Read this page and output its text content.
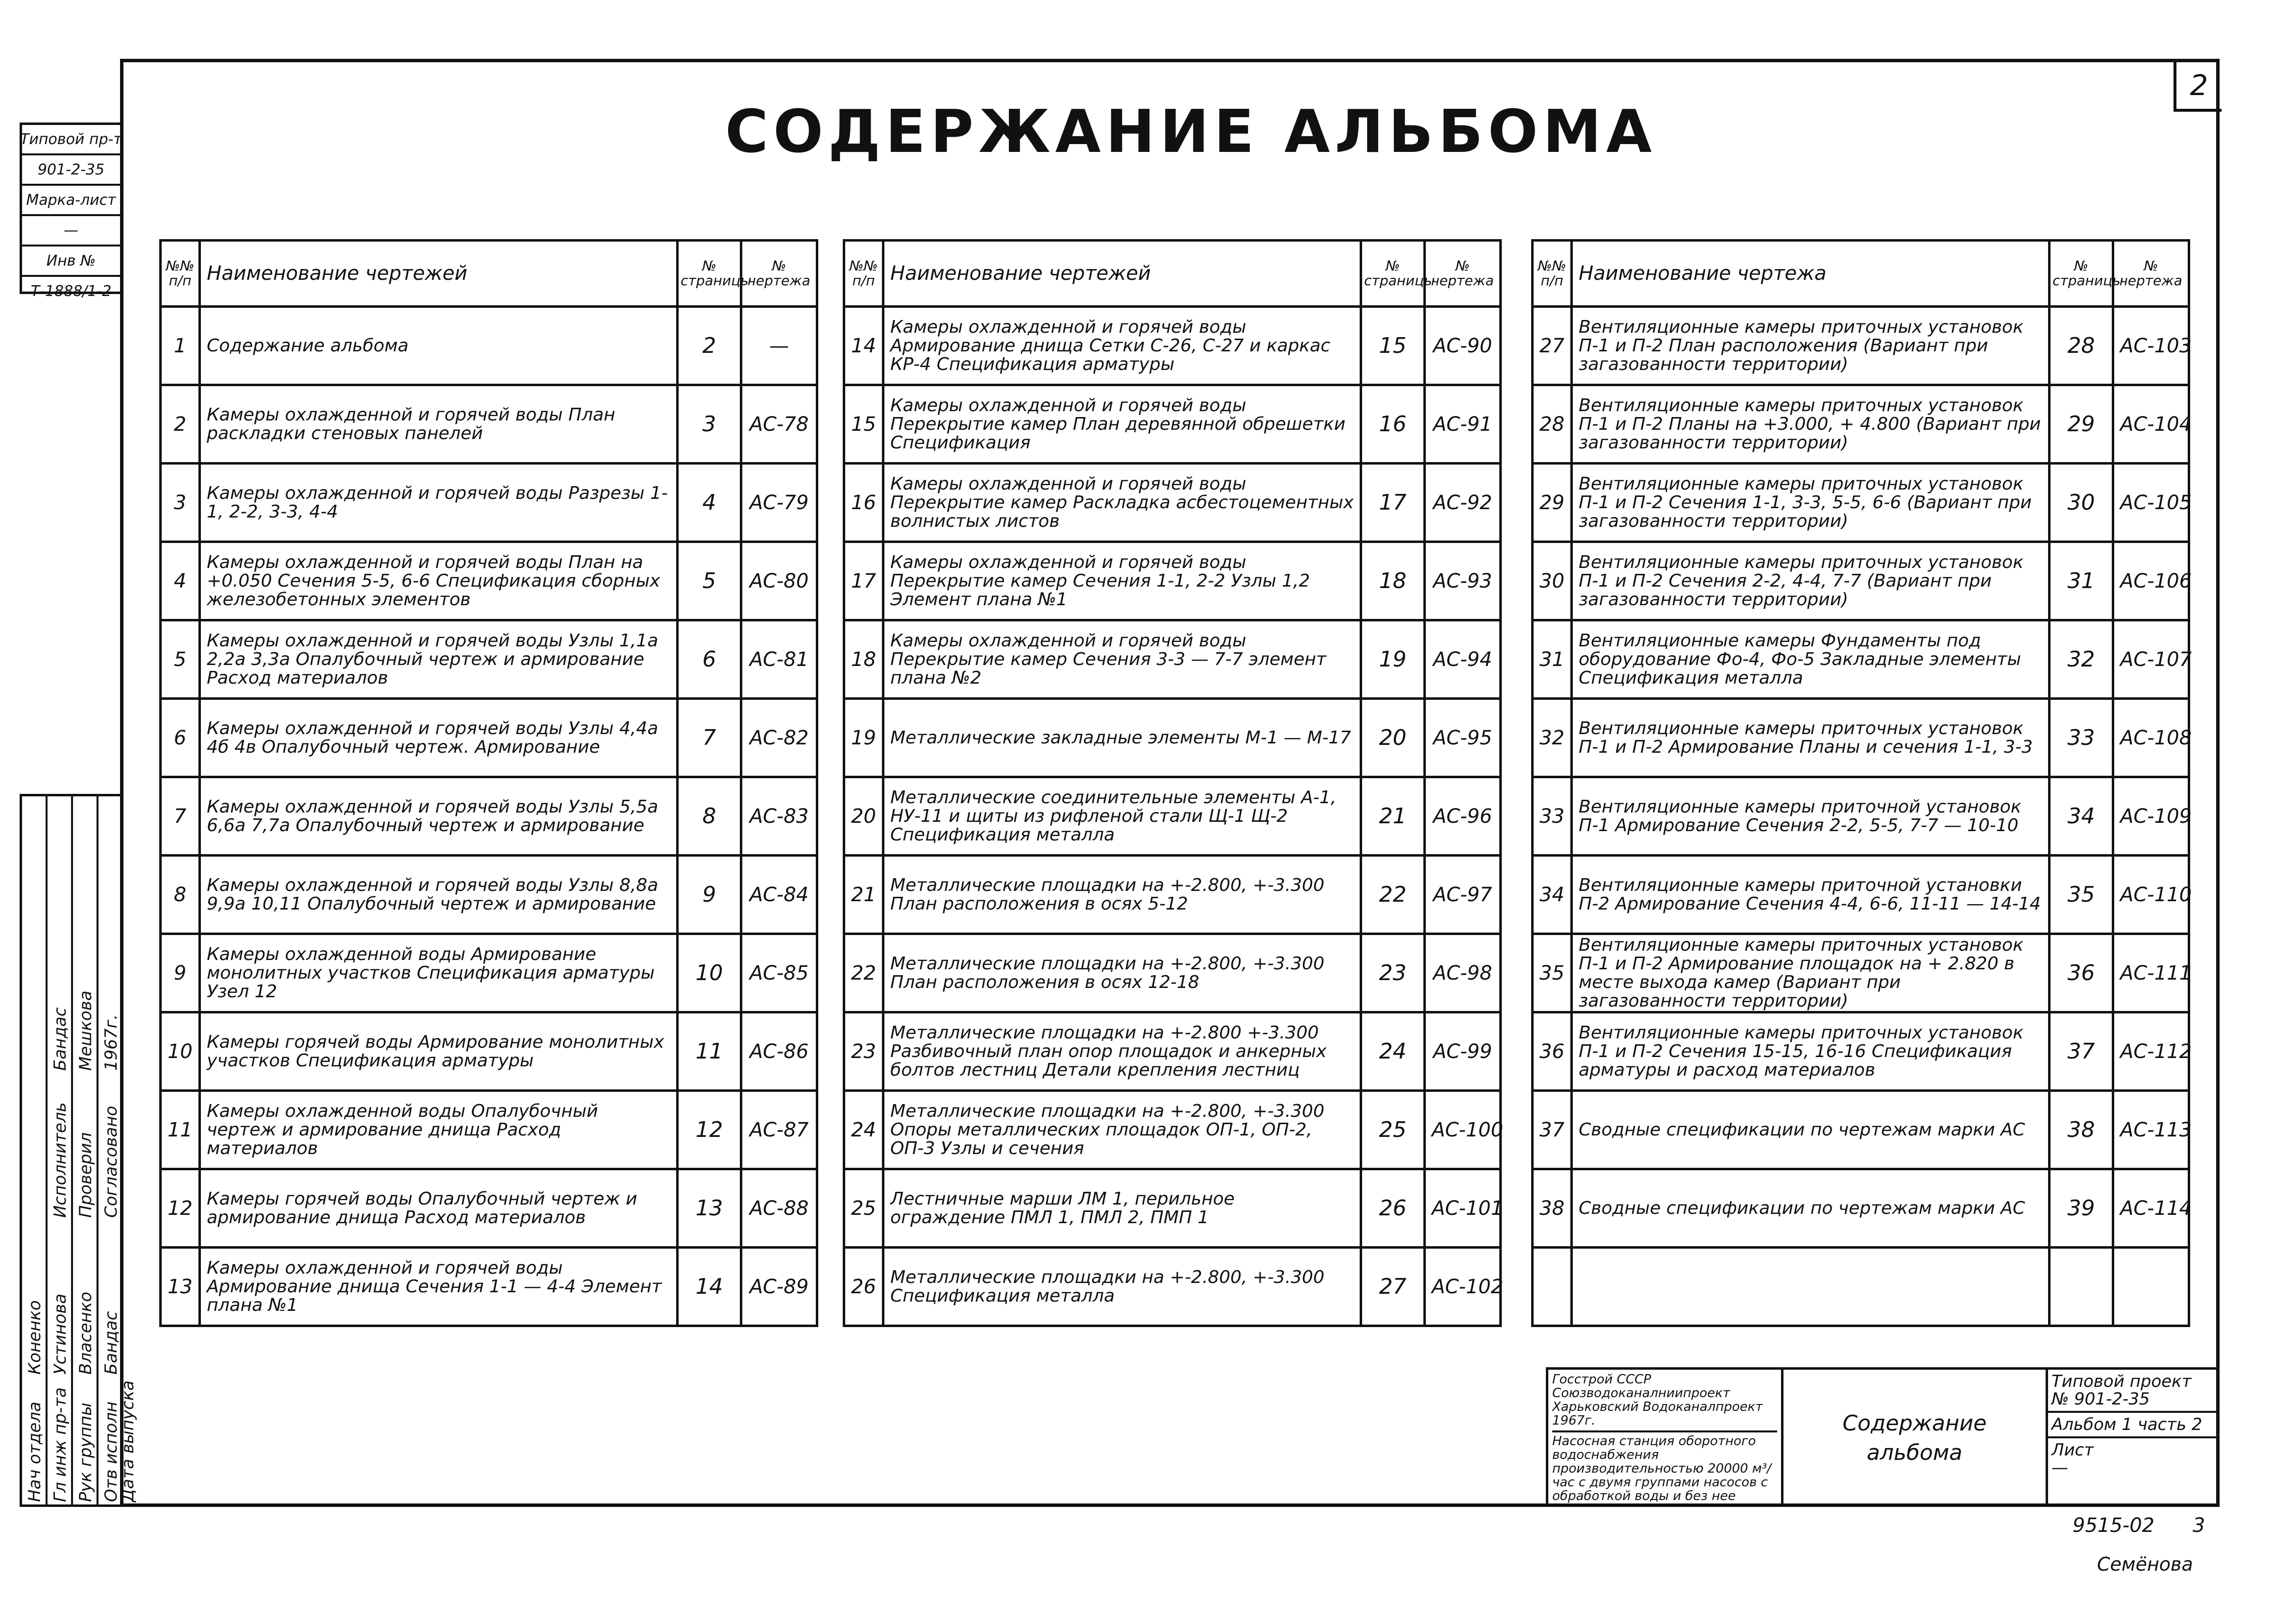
2
СОДЕРЖАНИЕ АЛЬБОМА
Типовой пр-т
901-2-35
Марка-лист
—
Инв №
Т-1888/1-2
Нач отдела
Коненко
Гл инж пр-та
Устинова
Исполнитель
Бандас
Рук группы
Власенко
Проверил
Мешкова
Отв исполн
Бандас
Согласовано
1967г.
Дата выпуска
№№ п/п	Наименование чертежей	№ страницы	№ чертежа
1	Содержание альбома	2	—
2	Камеры охлажденной и горячей воды План раскладки стеновых панелей	3	АС-78
3	Камеры охлажденной и горячей воды Разрезы 1-1, 2-2, 3-3, 4-4	4	АС-79
4	Камеры охлажденной и горячей воды План на +0.050 Сечения 5-5, 6-6 Спецификация сборных железобетонных элементов	5	АС-80
5	Камеры охлажденной и горячей воды Узлы 1,1а 2,2а 3,3а Опалубочный чертеж и армирование Расход материалов	6	АС-81
6	Камеры охлажденной и горячей воды Узлы 4,4а 4б 4в Опалубочный чертеж. Армирование	7	АС-82
7	Камеры охлажденной и горячей воды Узлы 5,5а 6,6а 7,7а Опалубочный чертеж и армирование	8	АС-83
8	Камеры охлажденной и горячей воды Узлы 8,8а 9,9а 10,11 Опалубочный чертеж и армирование	9	АС-84
9	Камеры охлажденной воды Армирование монолитных участков Спецификация арматуры Узел 12	10	АС-85
10	Камеры горячей воды Армирование монолитных участков Спецификация арматуры	11	АС-86
11	Камеры охлажденной воды Опалубочный чертеж и армирование днища Расход материалов	12	АС-87
12	Камеры горячей воды Опалубочный чертеж и армирование днища Расход материалов	13	АС-88
13	Камеры охлажденной и горячей воды Армирование днища Сечения 1-1 — 4-4 Элемент плана №1	14	АС-89
№№ п/п	Наименование чертежей	№ страницы	№ чертежа
14	Камеры охлажденной и горячей воды Армирование днища Сетки С-26, С-27 и каркас КР-4 Спецификация арматуры	15	АС-90
15	Камеры охлажденной и горячей воды Перекрытие камер План деревянной обрешетки Спецификация	16	АС-91
16	Камеры охлажденной и горячей воды Перекрытие камер Раскладка асбестоцементных волнистых листов	17	АС-92
17	Камеры охлажденной и горячей воды Перекрытие камер Сечения 1-1, 2-2 Узлы 1,2 Элемент плана №1	18	АС-93
18	Камеры охлажденной и горячей воды Перекрытие камер Сечения 3-3 — 7-7 элемент плана №2	19	АС-94
19	Металлические закладные элементы М-1 — М-17	20	АС-95
20	Металлические соединительные элементы А-1, НУ-11 и щиты из рифленой стали Щ-1 Щ-2 Спецификация металла	21	АС-96
21	Металлические площадки на +-2.800, +-3.300 План расположения в осях 5-12	22	АС-97
22	Металлические площадки на +-2.800, +-3.300 План расположения в осях 12-18	23	АС-98
23	Металлические площадки на +-2.800 +-3.300 Разбивочный план опор площадок и анкерных болтов лестниц Детали крепления лестниц	24	АС-99
24	Металлические площадки на +-2.800, +-3.300 Опоры металлических площадок ОП-1, ОП-2, ОП-3 Узлы и сечения	25	АС-100
25	Лестничные марши ЛМ 1, перильное ограждение ПМЛ 1, ПМЛ 2, ПМП 1	26	АС-101
26	Металлические площадки на +-2.800, +-3.300 Спецификация металла	27	АС-102
№№ п/п	Наименование чертежа	№ страницы	№ чертежа
27	Вентиляционные камеры приточных установок П-1 и П-2 План расположения (Вариант при загазованности территории)	28	АС-103
28	Вентиляционные камеры приточных установок П-1 и П-2 Планы на +3.000, + 4.800 (Вариант при загазованности территории)	29	АС-104
29	Вентиляционные камеры приточных установок П-1 и П-2 Сечения 1-1, 3-3, 5-5, 6-6 (Вариант при загазованности территории)	30	АС-105
30	Вентиляционные камеры приточных установок П-1 и П-2 Сечения 2-2, 4-4, 7-7 (Вариант при загазованности территории)	31	АС-106
31	Вентиляционные камеры Фундаменты под оборудование Фо-4, Фо-5 Закладные элементы Спецификация металла	32	АС-107
32	Вентиляционные камеры приточных установок П-1 и П-2 Армирование Планы и сечения 1-1, 3-3	33	АС-108
33	Вентиляционные камеры приточной установок П-1 Армирование Сечения 2-2, 5-5, 7-7 — 10-10	34	АС-109
34	Вентиляционные камеры приточной установки П-2 Армирование Сечения 4-4, 6-6, 11-11 — 14-14	35	АС-110
35	Вентиляционные камеры приточных установок П-1 и П-2 Армирование площадок на + 2.820 в месте выхода камер (Вариант при загазованности территории)	36	АС-111
36	Вентиляционные камеры приточных установок П-1 и П-2 Сечения 15-15, 16-16 Спецификация арматуры и расход материалов	37	АС-112
37	Сводные спецификации по чертежам марки АС	38	АС-113
38	Сводные спецификации по чертежам марки АС	39	АС-114

Госстрой СССР Союзводоканалниипроект Харьковский Водоканалпроект 1967г.
Насосная станция оборотного водоснабжения производительностью 20000 м³/час с двумя группами насосов с обработкой воды и без нее
Содержание
альбома
Типовой проект № 901-2-35
Альбом 1 часть 2
Лист
—
9515-02 3
Семёнова
